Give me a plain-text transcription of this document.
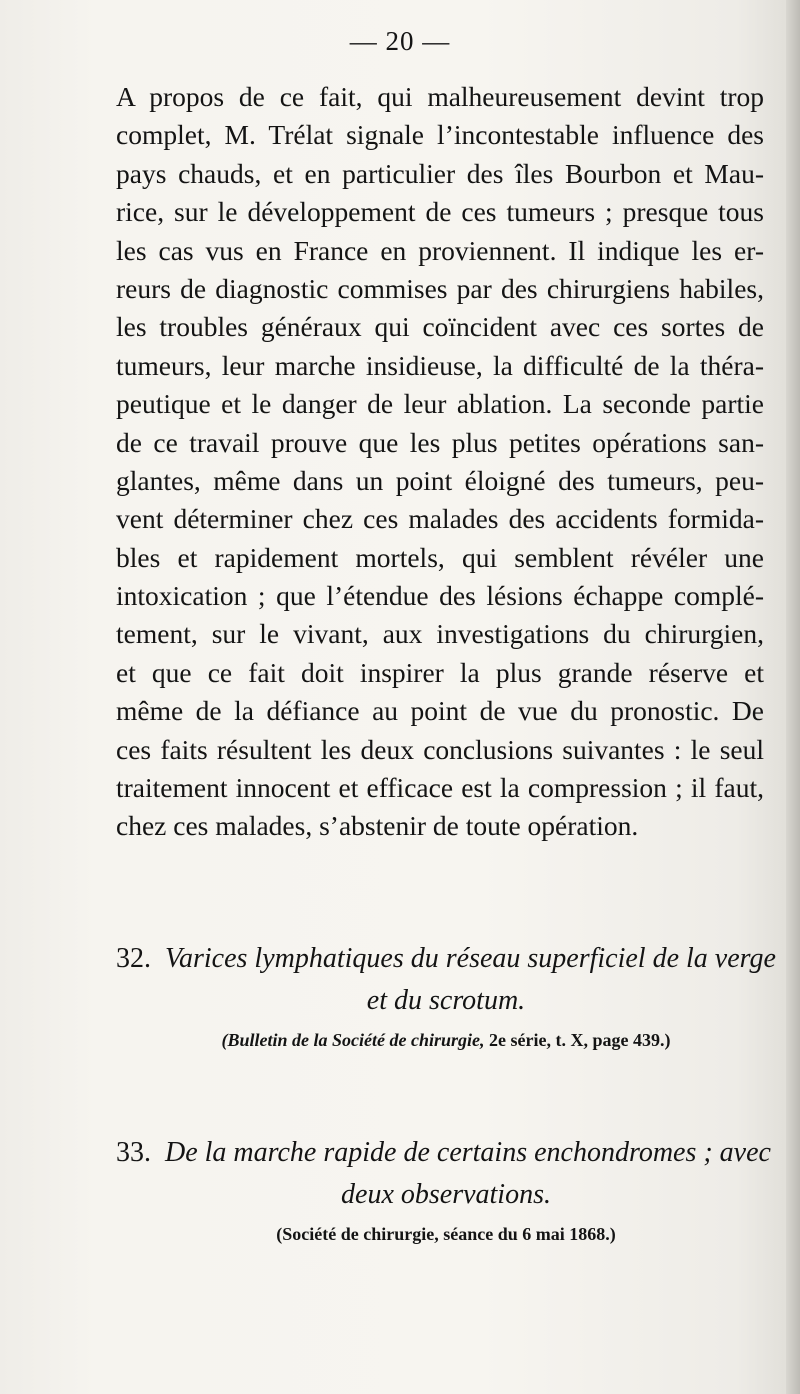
— 20 —
A propos de ce fait, qui malheureusement devint trop
complet, M. Trélat signale l’incontestable influence des
pays chauds, et en particulier des îles Bourbon et Mau-
rice, sur le développement de ces tumeurs ; presque tous
les cas vus en France en proviennent. Il indique les er-
reurs de diagnostic commises par des chirurgiens habiles,
les troubles généraux qui coïncident avec ces sortes de
tumeurs, leur marche insidieuse, la difficulté de la théra-
peutique et le danger de leur ablation. La seconde partie
de ce travail prouve que les plus petites opérations san-
glantes, même dans un point éloigné des tumeurs, peu-
vent déterminer chez ces malades des accidents formida-
bles et rapidement mortels, qui semblent révéler une
intoxication ; que l’étendue des lésions échappe complé-
tement, sur le vivant, aux investigations du chirurgien,
et que ce fait doit inspirer la plus grande réserve et
même de la défiance au point de vue du pronostic. De
ces faits résultent les deux conclusions suivantes : le seul
traitement innocent et efficace est la compression ; il faut,
chez ces malades, s’abstenir de toute opération.
32. Varices lymphatiques du réseau superficiel de la verge
et du scrotum.
(Bulletin de la Société de chirurgie, 2e série, t. X, page 439.)
33. De la marche rapide de certains enchondromes ; avec
deux observations.
(Société de chirurgie, séance du 6 mai 1868.)
